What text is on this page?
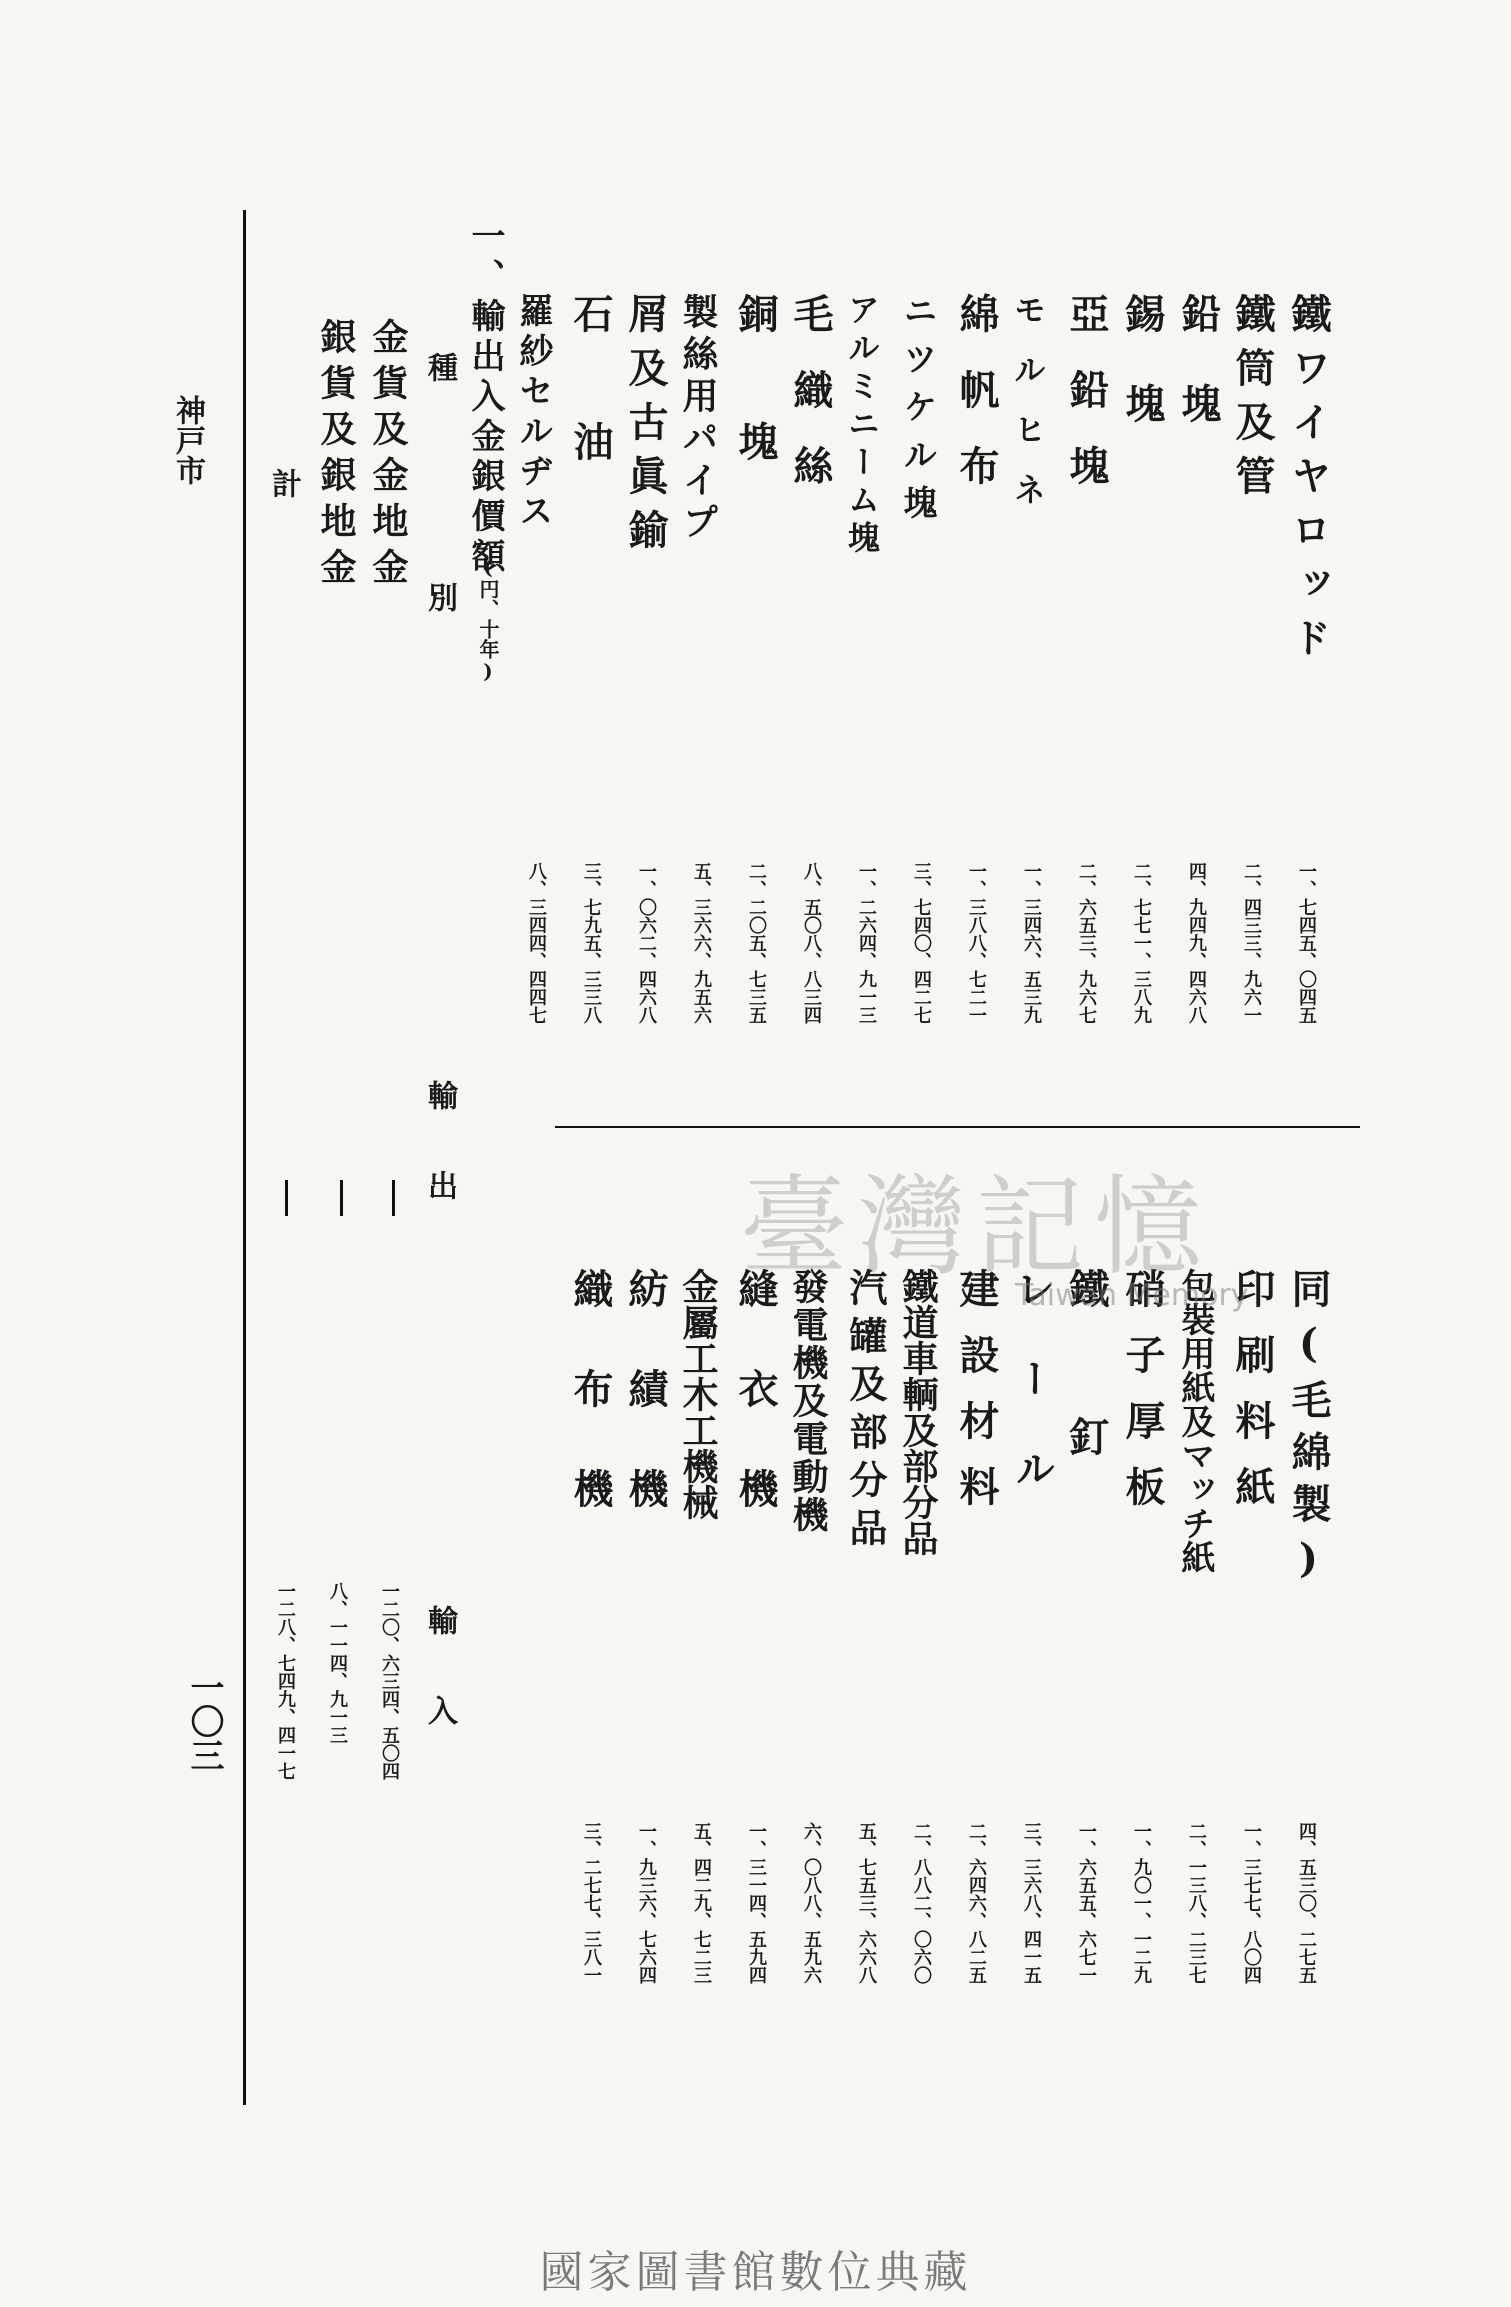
神戸市
一〇三
鐵ワイヤロッド
鐵筒及管
鉛塊
錫塊
亞鉛塊
モルヒネ
綿帆布
ニツケル塊
アルミニーム塊
毛織絲
銅塊
製絲用パイプ
屑及古眞鍮
石油
羅紗セルヂス
一、七四五、〇四五
二、四三三、九六一
四、九四九、四六八
二、七七一、三八九
二、六五三、九六七
一、三四六、五三九
一、三八八、七二一
三、七四〇、四二七
一、二六四、九一三
八、五〇八、八三四
二、二〇五、七三五
五、三六六、九五六
一、〇六二、四六八
三、七九五、三三八
八、三四四、四四七
同(毛綿製)
印刷料紙
包裝用紙及マッチ紙
硝子厚板
鐵釘
レール
建設材料
鐵道車輌及部分品
汽罐及部分品
發電機及電動機
縫衣機
金屬工木工機械
紡績機
織布機
四、五三〇、二七五
一、三七七、八〇四
二、一三八、二三七
一、九〇一、一二九
一、六五五、六七一
三、三六八、四一五
二、六四六、八二五
二、八八二、〇六〇
五、七五三、六六八
六、〇八八、五九六
一、三一四、五九四
五、四二九、七二三
一、九三六、七六四
三、二七七、三八一
一、輸出入金銀價額
(円、十年)
種別
輸出
輸入
金貨及金地金
銀貨及銀地金
計
一二〇、六三四、五〇四
八、一一四、九一三
一二八、七四九、四一七
臺灣記憶
Taiwan Memory
國家圖書館數位典藏
